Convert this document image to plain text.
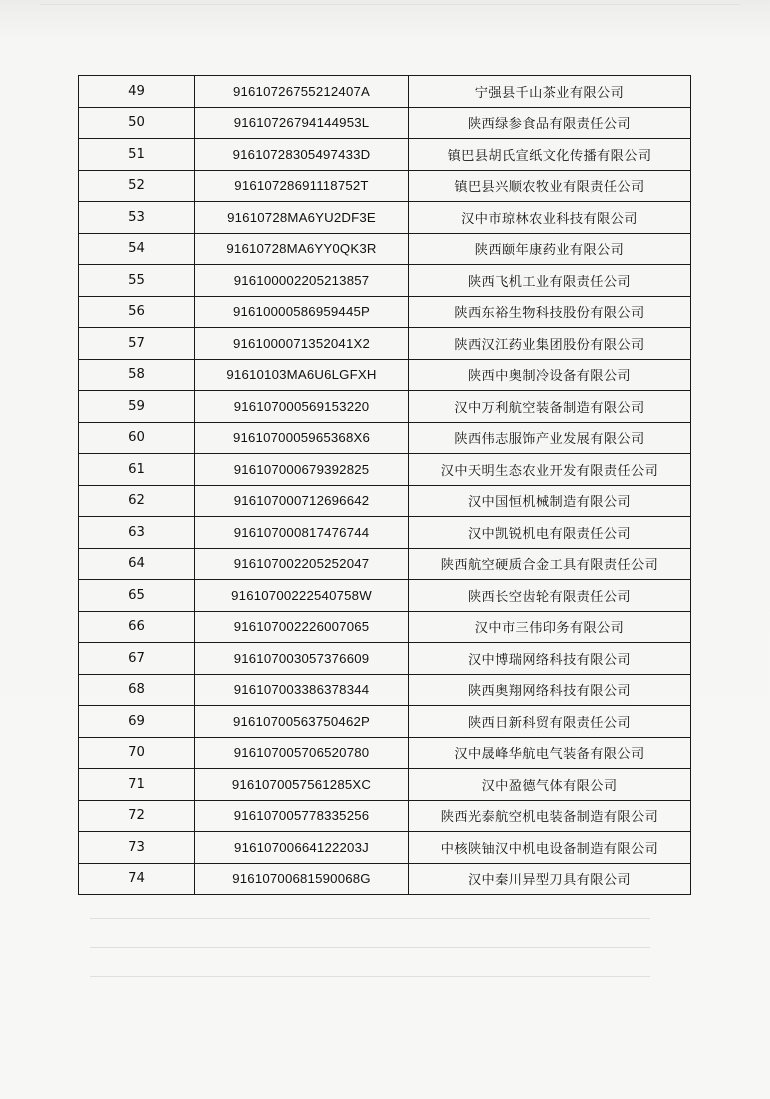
49	91610726755212407A	宁强县千山茶业有限公司
50	91610726794144953L	陕西绿参食品有限责任公司
51	91610728305497433D	镇巴县胡氏宣纸文化传播有限公司
52	91610728691118752T	镇巴县兴顺农牧业有限责任公司
53	91610728MA6YU2DF3E	汉中市琼林农业科技有限公司
54	91610728MA6YY0QK3R	陕西颐年康药业有限公司
55	916100002205213857	陕西飞机工业有限责任公司
56	91610000586959445P	陕西东裕生物科技股份有限公司
57	9161000071352041X2	陕西汉江药业集团股份有限公司
58	91610103MA6U6LGFXH	陕西中奥制冷设备有限公司
59	916107000569153220	汉中万利航空装备制造有限公司
60	9161070005965368X6	陕西伟志服饰产业发展有限公司
61	916107000679392825	汉中天明生态农业开发有限责任公司
62	916107000712696642	汉中国恒机械制造有限公司
63	916107000817476744	汉中凯锐机电有限责任公司
64	916107002205252047	陕西航空硬质合金工具有限责任公司
65	91610700222540758W	陕西长空齿轮有限责任公司
66	916107002226007065	汉中市三伟印务有限公司
67	916107003057376609	汉中博瑞网络科技有限公司
68	916107003386378344	陕西奥翔网络科技有限公司
69	91610700563750462P	陕西日新科贸有限责任公司
70	916107005706520780	汉中晟峰华航电气装备有限公司
71	9161070057561285XC	汉中盈德气体有限公司
72	916107005778335256	陕西光泰航空机电装备制造有限公司
73	91610700664122203J	中核陕铀汉中机电设备制造有限公司
74	91610700681590068G	汉中秦川异型刀具有限公司
